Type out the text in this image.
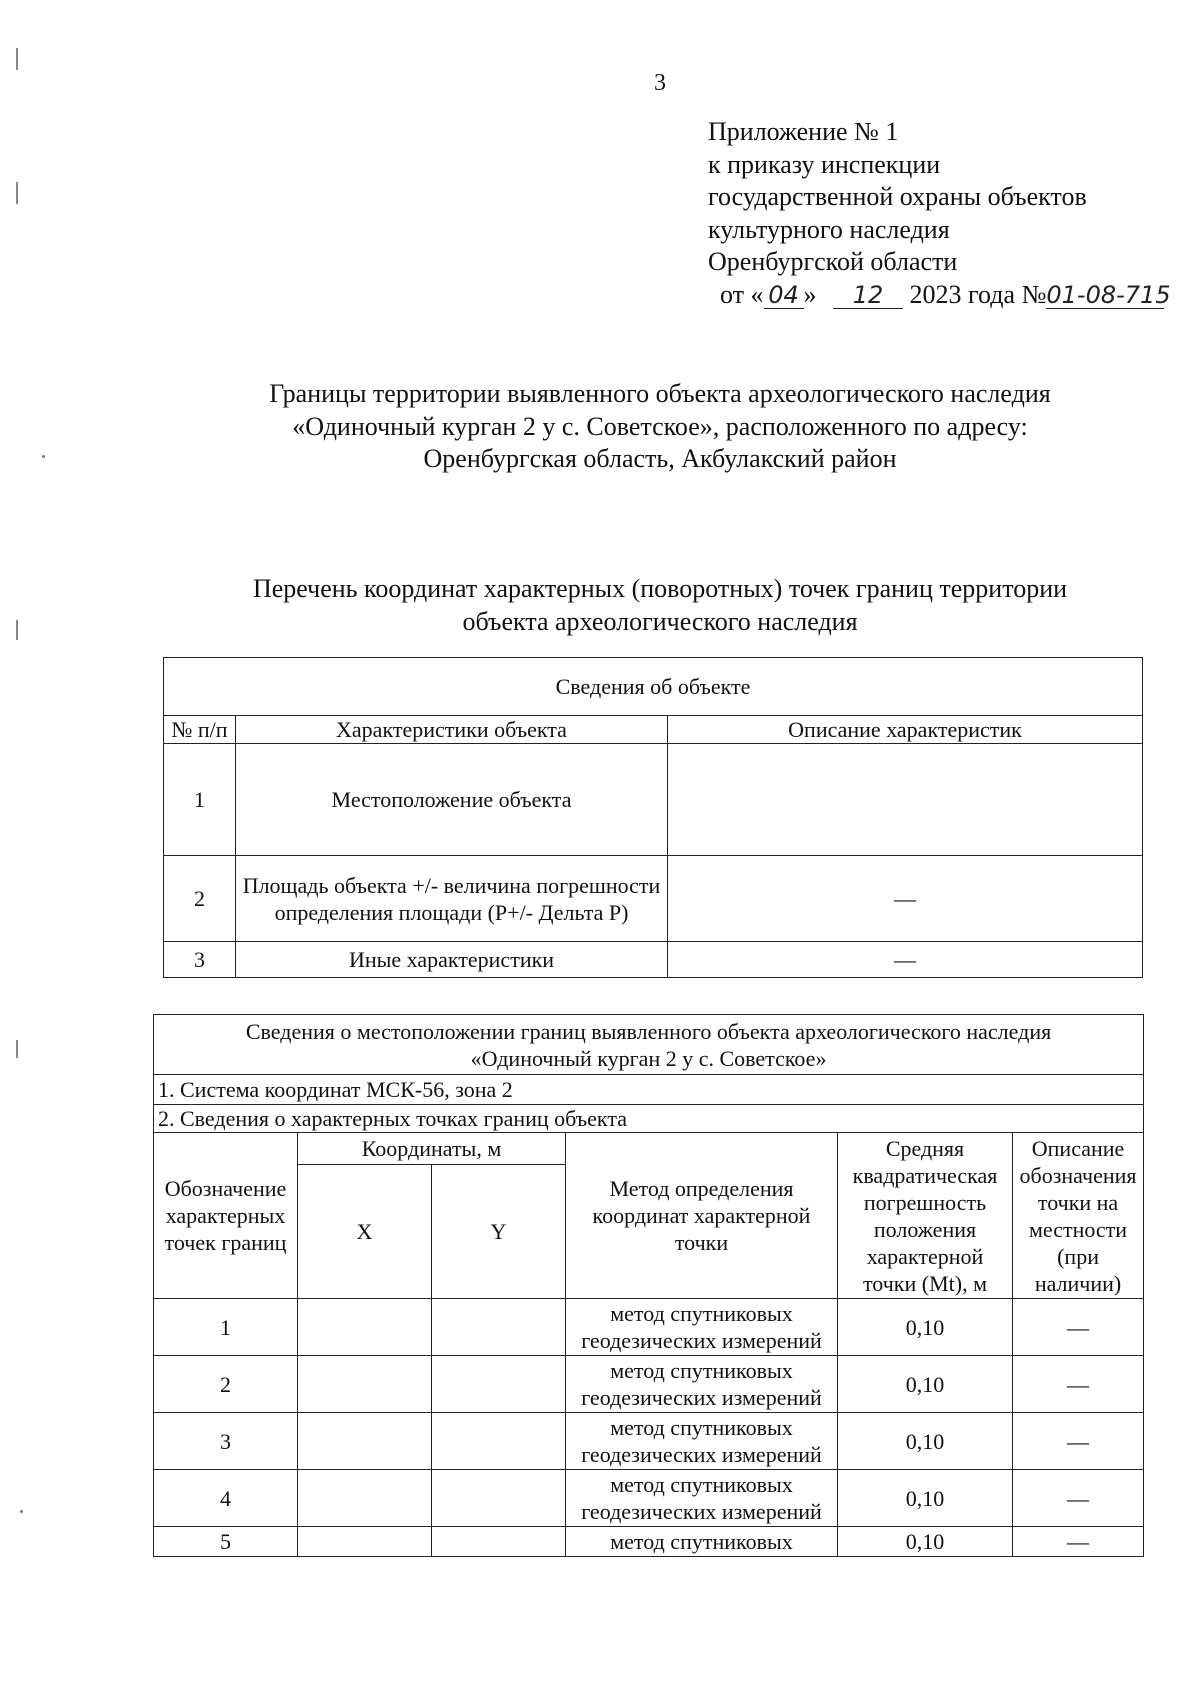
3
Приложение № 1
к приказу инспекции
государственной охраны объектов
культурного наследия
Оренбургской области
от « 04 » 12 2023 года №01-08-715
Границы территории выявленного объекта археологического наследия
«Одиночный курган 2 у с. Советское», расположенного по адресу:
Оренбургская область, Акбулакский район
Перечень координат характерных (поворотных) точек границ территории
объекта археологического наследия
Сведения об объекте		
№ п/п	Характеристики объекта	Описание характеристик
1	Местоположение объекта	
2	Площадь объекта +/- величина погрешности определения площади (P+/- Дельта P)	—
3	Иные характеристики	—
Сведения о местоположении границ выявленного объекта археологического наследия
«Одиночный курган 2 у с. Советское»					

1. Система координат МСК-56, зона 2					
2. Сведения о характерных точках границ объекта					
Обозначение характерных точек границ	Координаты, м		Метод определения координат характерной точки	Средняя квадратическая погрешность положения характерной точки (Mt), м	Описание обозначения точки на местности (при наличии)
	X	Y			
1			метод спутниковых геодезических измерений	0,10	—
2			метод спутниковых геодезических измерений	0,10	—
3			метод спутниковых геодезических измерений	0,10	—
4			метод спутниковых геодезических измерений	0,10	—
5			метод спутниковых	0,10	—
